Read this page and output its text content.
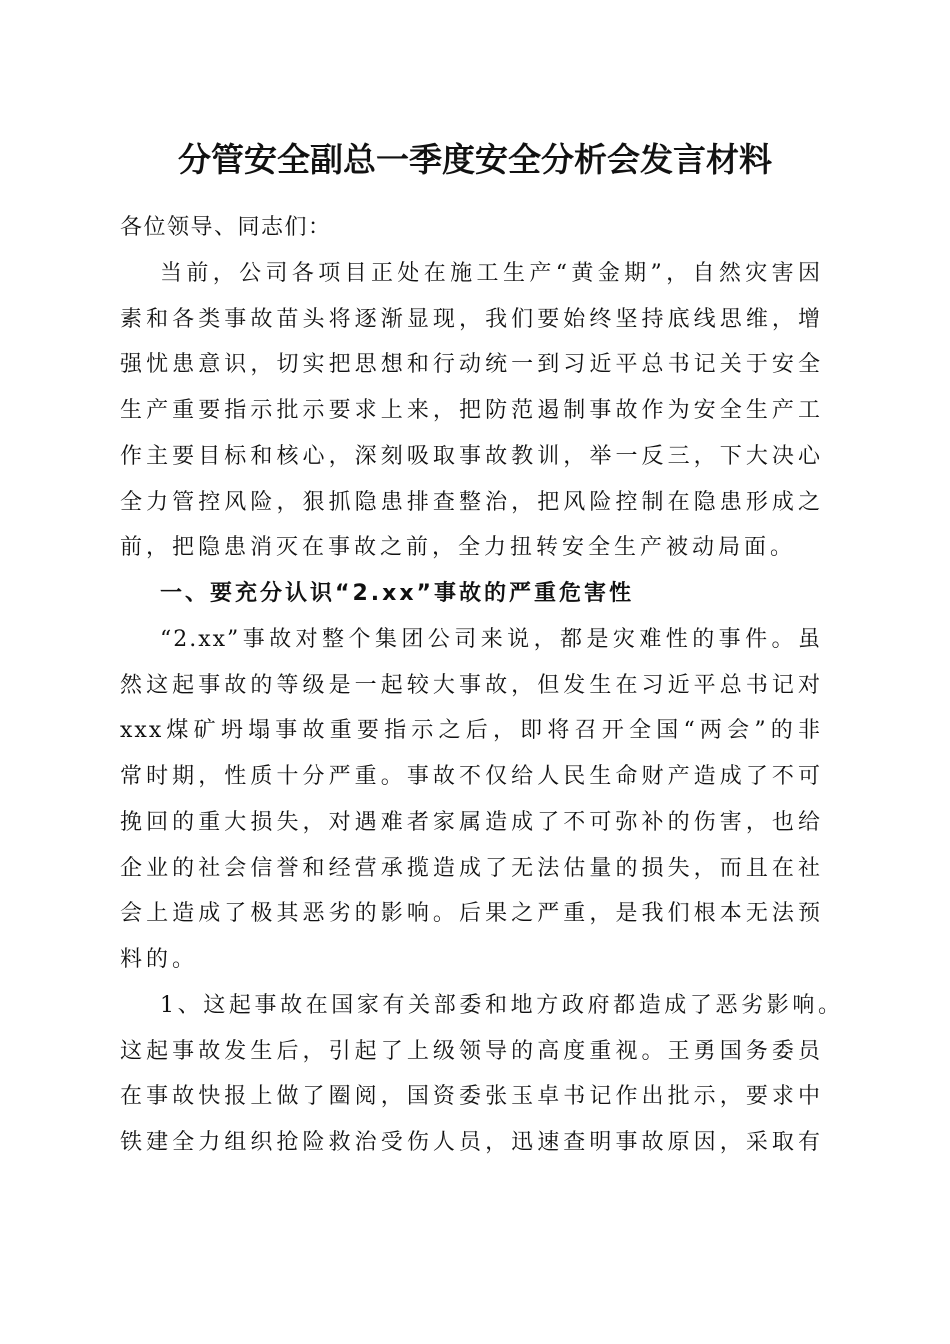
分管安全副总一季度安全分析会发言材料
各位领导、同志们：
当前，公司各项目正处在施工生产“黄金期”，自然灾害因
素和各类事故苗头将逐渐显现，我们要始终坚持底线思维，增
强忧患意识，切实把思想和行动统一到习近平总书记关于安全
生产重要指示批示要求上来，把防范遏制事故作为安全生产工
作主要目标和核心，深刻吸取事故教训，举一反三，下大决心
全力管控风险，狠抓隐患排查整治，把风险控制在隐患形成之
前，把隐患消灭在事故之前，全力扭转安全生产被动局面。
一、要充分认识“2.xx”事故的严重危害性
“2.xx”事故对整个集团公司来说，都是灾难性的事件。虽
然这起事故的等级是一起较大事故，但发生在习近平总书记对
xxx煤矿坍塌事故重要指示之后，即将召开全国“两会”的非
常时期，性质十分严重。事故不仅给人民生命财产造成了不可
挽回的重大损失，对遇难者家属造成了不可弥补的伤害，也给
企业的社会信誉和经营承揽造成了无法估量的损失，而且在社
会上造成了极其恶劣的影响。后果之严重，是我们根本无法预
料的。
1、这起事故在国家有关部委和地方政府都造成了恶劣影响。
这起事故发生后，引起了上级领导的高度重视。王勇国务委员
在事故快报上做了圈阅，国资委张玉卓书记作出批示，要求中
铁建全力组织抢险救治受伤人员，迅速查明事故原因，采取有
